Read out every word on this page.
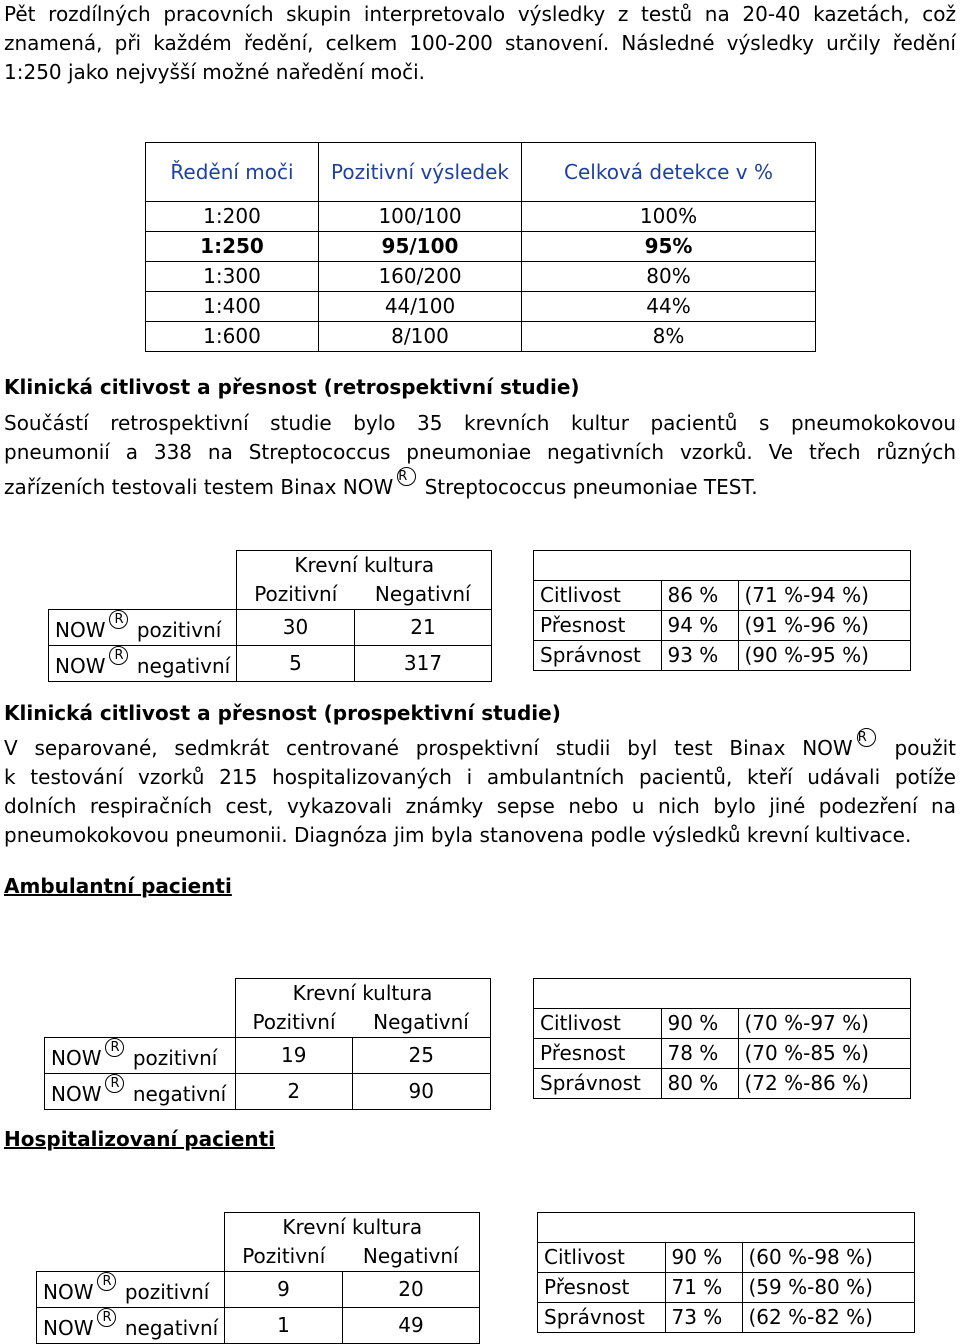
Pět rozdílných pracovních skupin interpretovalo výsledky z testů na 20-40 kazetách, což
znamená, při každém ředění, celkem 100-200 stanovení. Následné výsledky určily ředění
1:250 jako nejvyšší možné naředění moči.
Ředění moči	Pozitivní výsledek	Celková detekce v %
1:200	100/100	100%
1:250	95/100	95%
1:300	160/200	80%
1:400	44/100	44%
1:600	8/100	8%
Klinická citlivost a přesnost (retrospektivní studie)
Součástí retrospektivní studie bylo 35 krevních kultur pacientů s pneumokokovou
pneumonií a 338 na Streptococcus pneumoniae negativních vzorků. Ve třech různých
zařízeních testovali testem Binax NOW $^R$ Streptococcus pneumoniae TEST.
	Krevní kultura	
	Pozitivní	Negativní
NOW $^R$ pozitivní	30	21
NOW $^R$ negativní	5	317

Citlivost	86 %	(71 %-94 %)
Přesnost	94 %	(91 %-96 %)
Správnost	93 %	(90 %-95 %)
Klinická citlivost a přesnost (prospektivní studie)
V separované, sedmkrát centrované prospektivní studii byl test Binax NOW $^R$ použit
k testování vzorků 215 hospitalizovaných i ambulantních pacientů, kteří udávali potíže
dolních respiračních cest, vykazovali známky sepse nebo u nich bylo jiné podezření na
pneumokokovou pneumonii. Diagnóza jim byla stanovena podle výsledků krevní kultivace.
Ambulantní pacienti
	Krevní kultura	
	Pozitivní	Negativní
NOW $^R$ pozitivní	19	25
NOW $^R$ negativní	2	90

Citlivost	90 %	(70 %-97 %)
Přesnost	78 %	(70 %-85 %)
Správnost	80 %	(72 %-86 %)
Hospitalizovaní pacienti
	Krevní kultura	
	Pozitivní	Negativní
NOW $^R$ pozitivní	9	20
NOW $^R$ negativní	1	49

Citlivost	90 %	(60 %-98 %)
Přesnost	71 %	(59 %-80 %)
Správnost	73 %	(62 %-82 %)
